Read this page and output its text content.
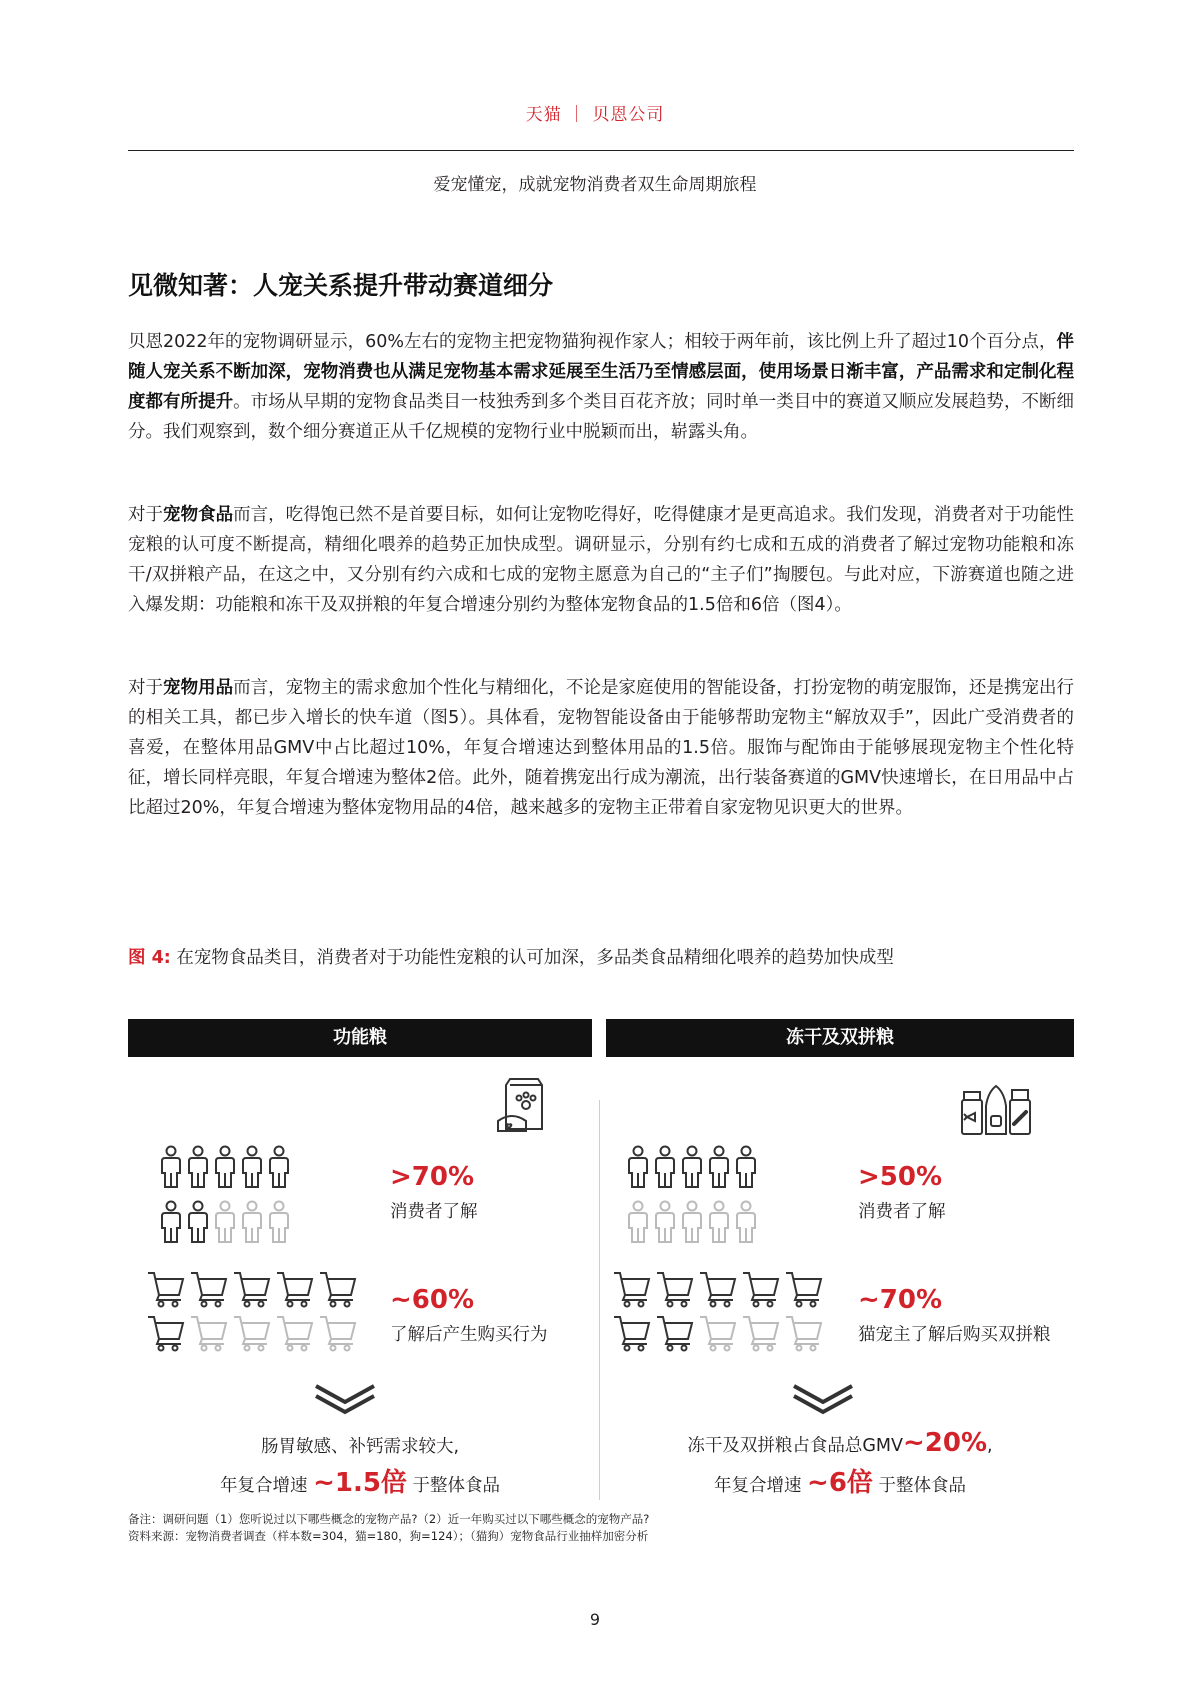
天猫 ｜ 贝恩公司
爱宠懂宠，成就宠物消费者双生命周期旅程
见微知著：人宠关系提升带动赛道细分

贝恩2022年的宠物调研显示，60%左右的宠物主把宠物猫狗视作家人；相较于两年前，该比例上升了超过10个百分点，伴随人宠关系不断加深，宠物消费也从满足宠物基本需求延展至生活乃至情感层面，使用场景日渐丰富，产品需求和定制化程度都有所提升。市场从早期的宠物食品类目一枝独秀到多个类目百花齐放；同时单一类目中的赛道又顺应发展趋势，不断细分。我们观察到，数个细分赛道正从千亿规模的宠物行业中脱颖而出，崭露头角。

对于宠物食品而言，吃得饱已然不是首要目标，如何让宠物吃得好，吃得健康才是更高追求。我们发现，消费者对于功能性宠粮的认可度不断提高，精细化喂养的趋势正加快成型。调研显示，分别有约七成和五成的消费者了解过宠物功能粮和冻干/双拼粮产品，在这之中，又分别有约六成和七成的宠物主愿意为自己的“主子们”掏腰包。与此对应，下游赛道也随之进入爆发期：功能粮和冻干及双拼粮的年复合增速分别约为整体宠物食品的1.5倍和6倍（图4）。

对于宠物用品而言，宠物主的需求愈加个性化与精细化，不论是家庭使用的智能设备，打扮宠物的萌宠服饰，还是携宠出行的相关工具，都已步入增长的快车道（图5）。具体看，宠物智能设备由于能够帮助宠物主“解放双手”，因此广受消费者的喜爱，在整体用品GMV中占比超过10%，年复合增速达到整体用品的1.5倍。服饰与配饰由于能够展现宠物主个性化特征，增长同样亮眼，年复合增速为整体2倍。此外，随着携宠出行成为潮流，出行装备赛道的GMV快速增长，在日用品中占比超过20%，年复合增速为整体宠物用品的4倍，越来越多的宠物主正带着自家宠物见识更大的世界。

图 4: 在宠物食品类目，消费者对于功能性宠粮的认可加深，多品类食品精细化喂养的趋势加快成型
功能粮	冻干及双拼粮
>70%
消费者了解
~60%
了解后产生购买行为
>50%
消费者了解
~70%
猫宠主了解后购买双拼粮
肠胃敏感、补钙需求较大,
年复合增速 ~1.5倍 于整体食品
冻干及双拼粮占食品总GMV~20%,
年复合增速 ~6倍 于整体食品
备注：调研问题（1）您听说过以下哪些概念的宠物产品?（2）近一年购买过以下哪些概念的宠物产品?
资料来源：宠物消费者调查（样本数=304，猫=180，狗=124）；（猫狗）宠物食品行业抽样加密分析
9
